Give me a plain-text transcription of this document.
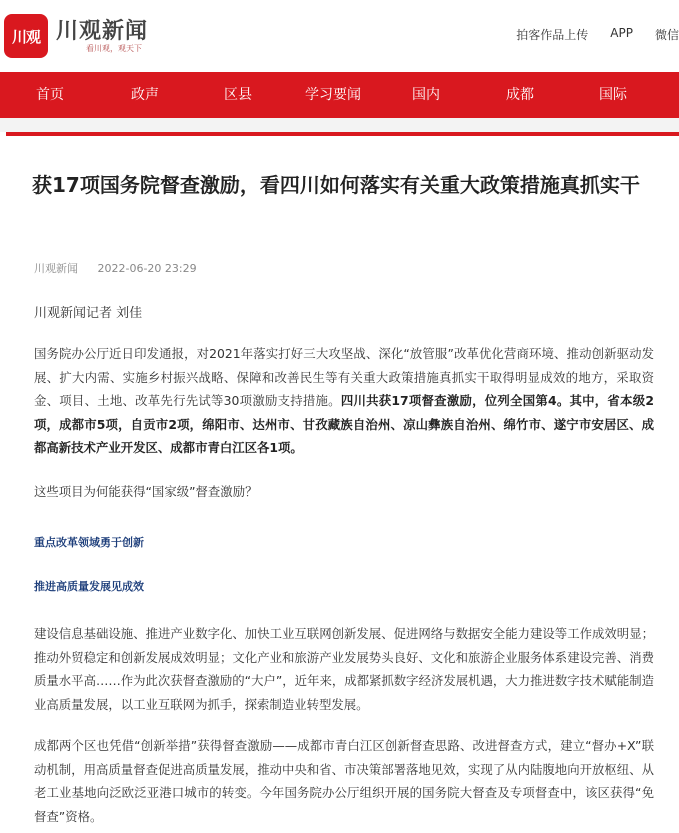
川观 川观新闻
看川观，观天下
拍客作品上传 APP 微信
首页	政声	区县	学习要闻	国内	成都	国际
获17项国务院督查激励，看四川如何落实有关重大政策措施真抓实干
川观新闻 2022-06-20 23:29
川观新闻记者 刘佳

国务院办公厅近日印发通报，对2021年落实打好三大攻坚战、深化“放管服”改革优化营商环境、推动创新驱动发展、扩大内需、实施乡村振兴战略、保障和改善民生等有关重大政策措施真抓实干取得明显成效的地方，采取资金、项目、土地、改革先行先试等30项激励支持措施。四川共获17项督查激励，位列全国第4。其中，省本级2项，成都市5项，自贡市2项，绵阳市、达州市、甘孜藏族自治州、凉山彝族自治州、绵竹市、遂宁市安居区、成都高新技术产业开发区、成都市青白江区各1项。

这些项目为何能获得“国家级”督查激励？

重点改革领域勇于创新
推进高质量发展见成效

建设信息基础设施、推进产业数字化、加快工业互联网创新发展、促进网络与数据安全能力建设等工作成效明显；推动外贸稳定和创新发展成效明显；文化产业和旅游产业发展势头良好、文化和旅游企业服务体系建设完善、消费质量水平高……作为此次获督查激励的“大户”，近年来，成都紧抓数字经济发展机遇，大力推进数字技术赋能制造业高质量发展，以工业互联网为抓手，探索制造业转型发展。

成都两个区也凭借“创新举措”获得督查激励——成都市青白江区创新督查思路、改进督查方式，建立“督办+X”联动机制，用高质量督查促进高质量发展，推动中央和省、市决策部署落地见效，实现了从内陆腹地向开放枢纽、从老工业基地向泛欧泛亚港口城市的转变。今年国务院办公厅组织开展的国务院大督查及专项督查中，该区获得“免督查”资格。
